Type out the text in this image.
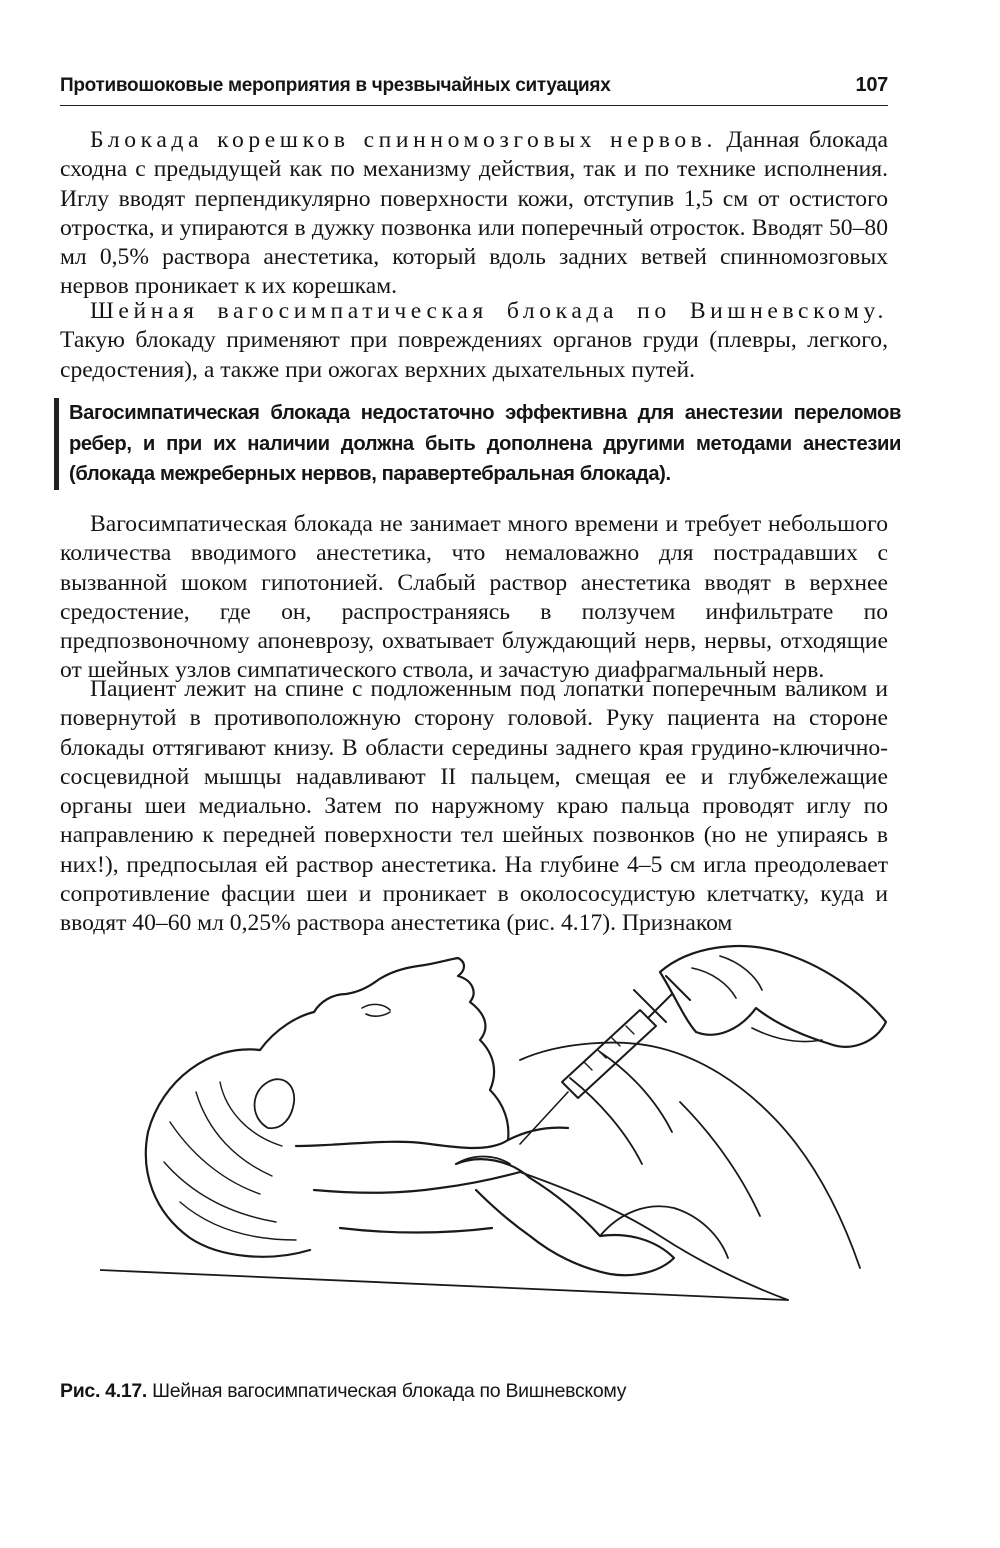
Противошоковые мероприятия в чрезвычайных ситуациях	107

Блокада корешков спинномозговых нервов. Данная блокада сходна с предыдущей как по механизму действия, так и по технике исполнения. Иглу вводят перпендикулярно поверхности кожи, отступив 1,5 см от остистого отростка, и упираются в дужку позвонка или поперечный отросток. Вводят 50–80 мл 0,5% раствора анестетика, который вдоль задних ветвей спинномозговых нервов проникает к их корешкам.

Шейная вагосимпатическая блокада по Вишневскому. Такую блокаду применяют при повреждениях органов груди (плевры, легкого, средостения), а также при ожогах верхних дыхательных путей.

Вагосимпатическая блокада недостаточно эффективна для анестезии переломов ребер, и при их наличии должна быть дополнена другими методами анестезии (блокада межреберных нервов, паравертебральная блокада).

Вагосимпатическая блокада не занимает много времени и требует небольшого количества вводимого анестетика, что немаловажно для пострадавших с вызванной шоком гипотонией. Слабый раствор анестетика вводят в верхнее средостение, где он, распространяясь в ползучем инфильтрате по предпозвоночному апоневрозу, охватывает блуждающий нерв, нервы, отходящие от шейных узлов симпатического ствола, и зачастую диафрагмальный нерв.

Пациент лежит на спине с подложенным под лопатки поперечным валиком и повернутой в противоположную сторону головой. Руку пациента на стороне блокады оттягивают книзу. В области середины заднего края грудино-ключично-сосцевидной мышцы надавливают II пальцем, смещая ее и глубжележащие органы шеи медиально. Затем по наружному краю пальца проводят иглу по направлению к передней поверхности тел шейных позвонков (но не упираясь в них!), предпосылая ей раствор анестетика. На глубине 4–5 см игла преодолевает сопротивление фасции шеи и проникает в околососудистую клетчатку, куда и вводят 40–60 мл 0,25% раствора анестетика (рис. 4.17). Признаком

Рис. 4.17. Шейная вагосимпатическая блокада по Вишневскому
